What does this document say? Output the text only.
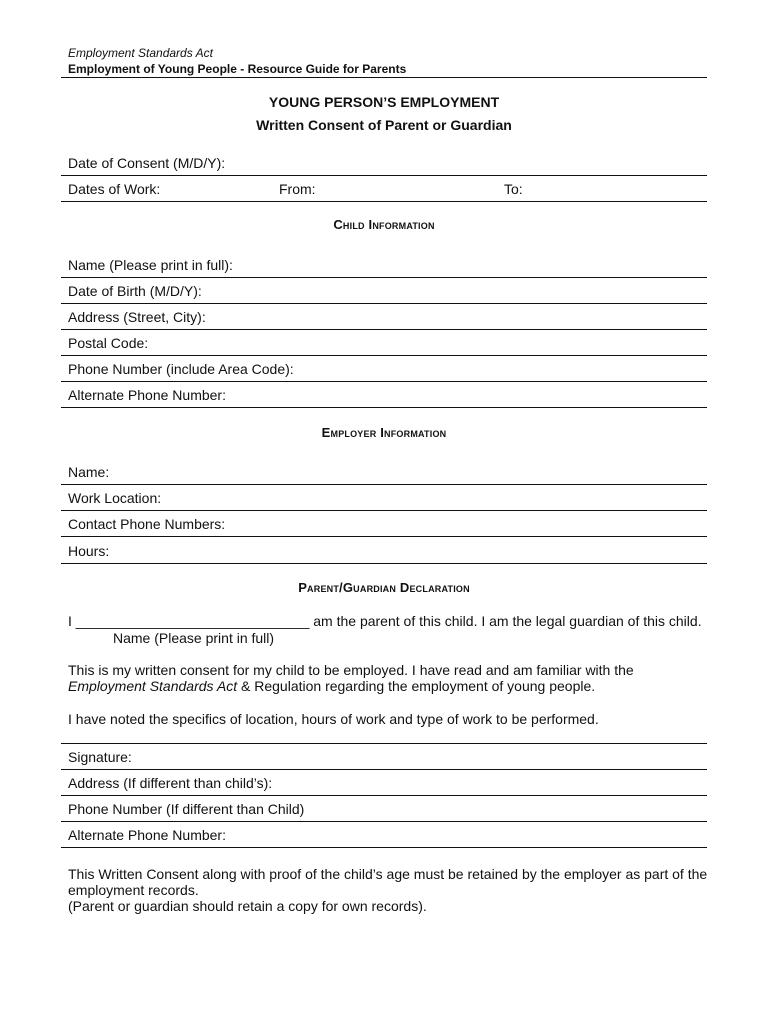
Employment Standards Act
Employment of Young People - Resource Guide for Parents
YOUNG PERSON’S EMPLOYMENT
Written Consent of Parent or Guardian
Date of Consent (M/D/Y):
Dates of Work:	From:	To:
Child Information
Name (Please print in full):
Date of Birth (M/D/Y):
Address (Street, City):
Postal Code:
Phone Number (include Area Code):
Alternate Phone Number:
Employer Information
Name:
Work Location:
Contact Phone Numbers:
Hours:
Parent/Guardian Declaration
I ______________________________ am the parent of this child. I am the legal guardian of this child.
Name (Please print in full)
This is my written consent for my child to be employed. I have read and am familiar with the
Employment Standards Act & Regulation regarding the employment of young people.
I have noted the specifics of location, hours of work and type of work to be performed.
Signature:
Address (If different than child’s):
Phone Number (If different than Child)
Alternate Phone Number:
This Written Consent along with proof of the child’s age must be retained by the employer as part of the
employment records.
(Parent or guardian should retain a copy for own records).
